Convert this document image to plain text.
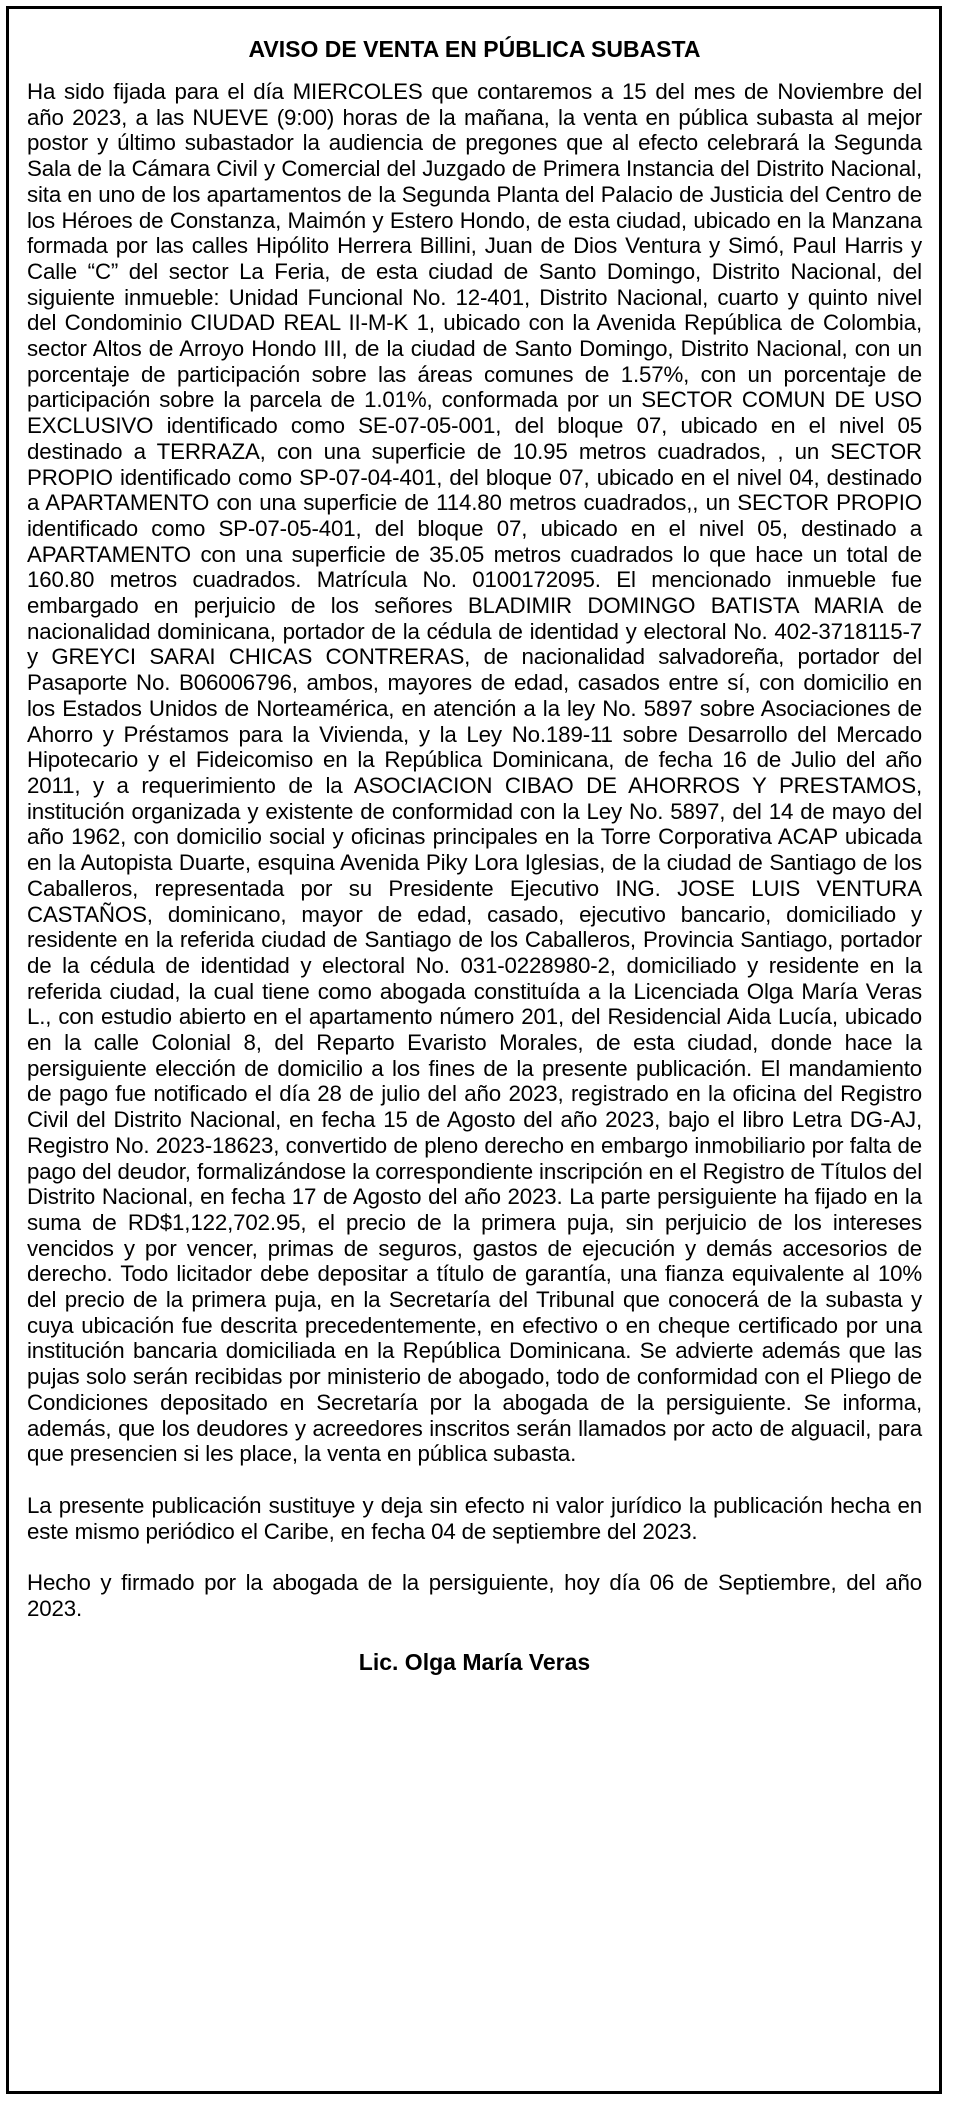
AVISO DE VENTA EN PÚBLICA SUBASTA

Ha sido fijada para el día MIERCOLES que contaremos a 15 del mes de Noviembre del año 2023, a las NUEVE (9:00) horas de la mañana, la venta en pública subasta al mejor postor y último subastador la audiencia de pregones que al efecto celebrará la Segunda Sala de la Cámara Civil y Comercial del Juzgado de Primera Instancia del Distrito Nacional, sita en uno de los apartamentos de la Segunda Planta del Palacio de Justicia del Centro de los Héroes de Constanza, Maimón y Estero Hondo, de esta ciudad, ubicado en la Manzana formada por las calles Hipólito Herrera Billini, Juan de Dios Ventura y Simó, Paul Harris y Calle “C” del sector La Feria, de esta ciudad de Santo Domingo, Distrito Nacional, del siguiente inmueble: Unidad Funcional No. 12-401, Distrito Nacional, cuarto y quinto nivel del Condominio CIUDAD REAL II-M-K 1, ubicado con la Avenida República de Colombia, sector Altos de Arroyo Hondo III, de la ciudad de Santo Domingo, Distrito Nacional, con un porcentaje de participación sobre las áreas comunes de 1.57%, con un porcentaje de participación sobre la parcela de 1.01%, conformada por un SECTOR COMUN DE USO EXCLUSIVO identificado como SE-07-05-001, del bloque 07, ubicado en el nivel 05 destinado a TERRAZA, con una superficie de 10.95 metros cuadrados, , un SECTOR PROPIO identificado como SP-07-04-401, del bloque 07, ubicado en el nivel 04, destinado a APARTAMENTO con una superficie de 114.80 metros cuadrados,, un SECTOR PROPIO identificado como SP-07-05-401, del bloque 07, ubicado en el nivel 05, destinado a APARTAMENTO con una superficie de 35.05 metros cuadrados lo que hace un total de 160.80 metros cuadrados. Matrícula No. 0100172095. El mencionado inmueble fue embargado en perjuicio de los señores BLADIMIR DOMINGO BATISTA MARIA de nacionalidad dominicana, portador de la cédula de identidad y electoral No. 402-3718115-7 y GREYCI SARAI CHICAS CONTRERAS, de nacionalidad salvadoreña, portador del Pasaporte No. B06006796, ambos, mayores de edad, casados entre sí, con domicilio en los Estados Unidos de Norteamérica, en atención a la ley No. 5897 sobre Asociaciones de Ahorro y Préstamos para la Vivienda, y la Ley No.189-11 sobre Desarrollo del Mercado Hipotecario y el Fideicomiso en la República Dominicana, de fecha 16 de Julio del año 2011, y a requerimiento de la ASOCIACION CIBAO DE AHORROS Y PRESTAMOS, institución organizada y existente de conformidad con la Ley No. 5897, del 14 de mayo del año 1962, con domicilio social y oficinas principales en la Torre Corporativa ACAP ubicada en la Autopista Duarte, esquina Avenida Piky Lora Iglesias, de la ciudad de Santiago de los Caballeros, representada por su Presidente Ejecutivo ING. JOSE LUIS VENTURA CASTAÑOS, dominicano, mayor de edad, casado, ejecutivo bancario, domiciliado y residente en la referida ciudad de Santiago de los Caballeros, Provincia Santiago, portador de la cédula de identidad y electoral No. 031-0228980-2, domiciliado y residente en la referida ciudad, la cual tiene como abogada constituída a la Licenciada Olga María Veras L., con estudio abierto en el apartamento número 201, del Residencial Aida Lucía, ubicado en la calle Colonial 8, del Reparto Evaristo Morales, de esta ciudad, donde hace la persiguiente elección de domicilio a los fines de la presente publicación. El mandamiento de pago fue notificado el día 28 de julio del año 2023, registrado en la oficina del Registro Civil del Distrito Nacional, en fecha 15 de Agosto del año 2023, bajo el libro Letra DG-AJ, Registro No. 2023-18623, convertido de pleno derecho en embargo inmobiliario por falta de pago del deudor, formalizándose la correspondiente inscripción en el Registro de Títulos del Distrito Nacional, en fecha 17 de Agosto del año 2023. La parte persiguiente ha fijado en la suma de RD$1,122,702.95, el precio de la primera puja, sin perjuicio de los intereses vencidos y por vencer, primas de seguros, gastos de ejecución y demás accesorios de derecho. Todo licitador debe depositar a título de garantía, una fianza equivalente al 10% del precio de la primera puja, en la Secretaría del Tribunal que conocerá de la subasta y cuya ubicación fue descrita precedentemente, en efectivo o en cheque certificado por una institución bancaria domiciliada en la República Dominicana. Se advierte además que las pujas solo serán recibidas por ministerio de abogado, todo de conformidad con el Pliego de Condiciones depositado en Secretaría por la abogada de la persiguiente. Se informa, además, que los deudores y acreedores inscritos serán llamados por acto de alguacil, para que presencien si les place, la venta en pública subasta.

La presente publicación sustituye y deja sin efecto ni valor jurídico la publicación hecha en este mismo periódico el Caribe, en fecha 04 de septiembre del 2023.

Hecho y firmado por la abogada de la persiguiente, hoy día 06 de Septiembre, del año 2023.

Lic. Olga María Veras
